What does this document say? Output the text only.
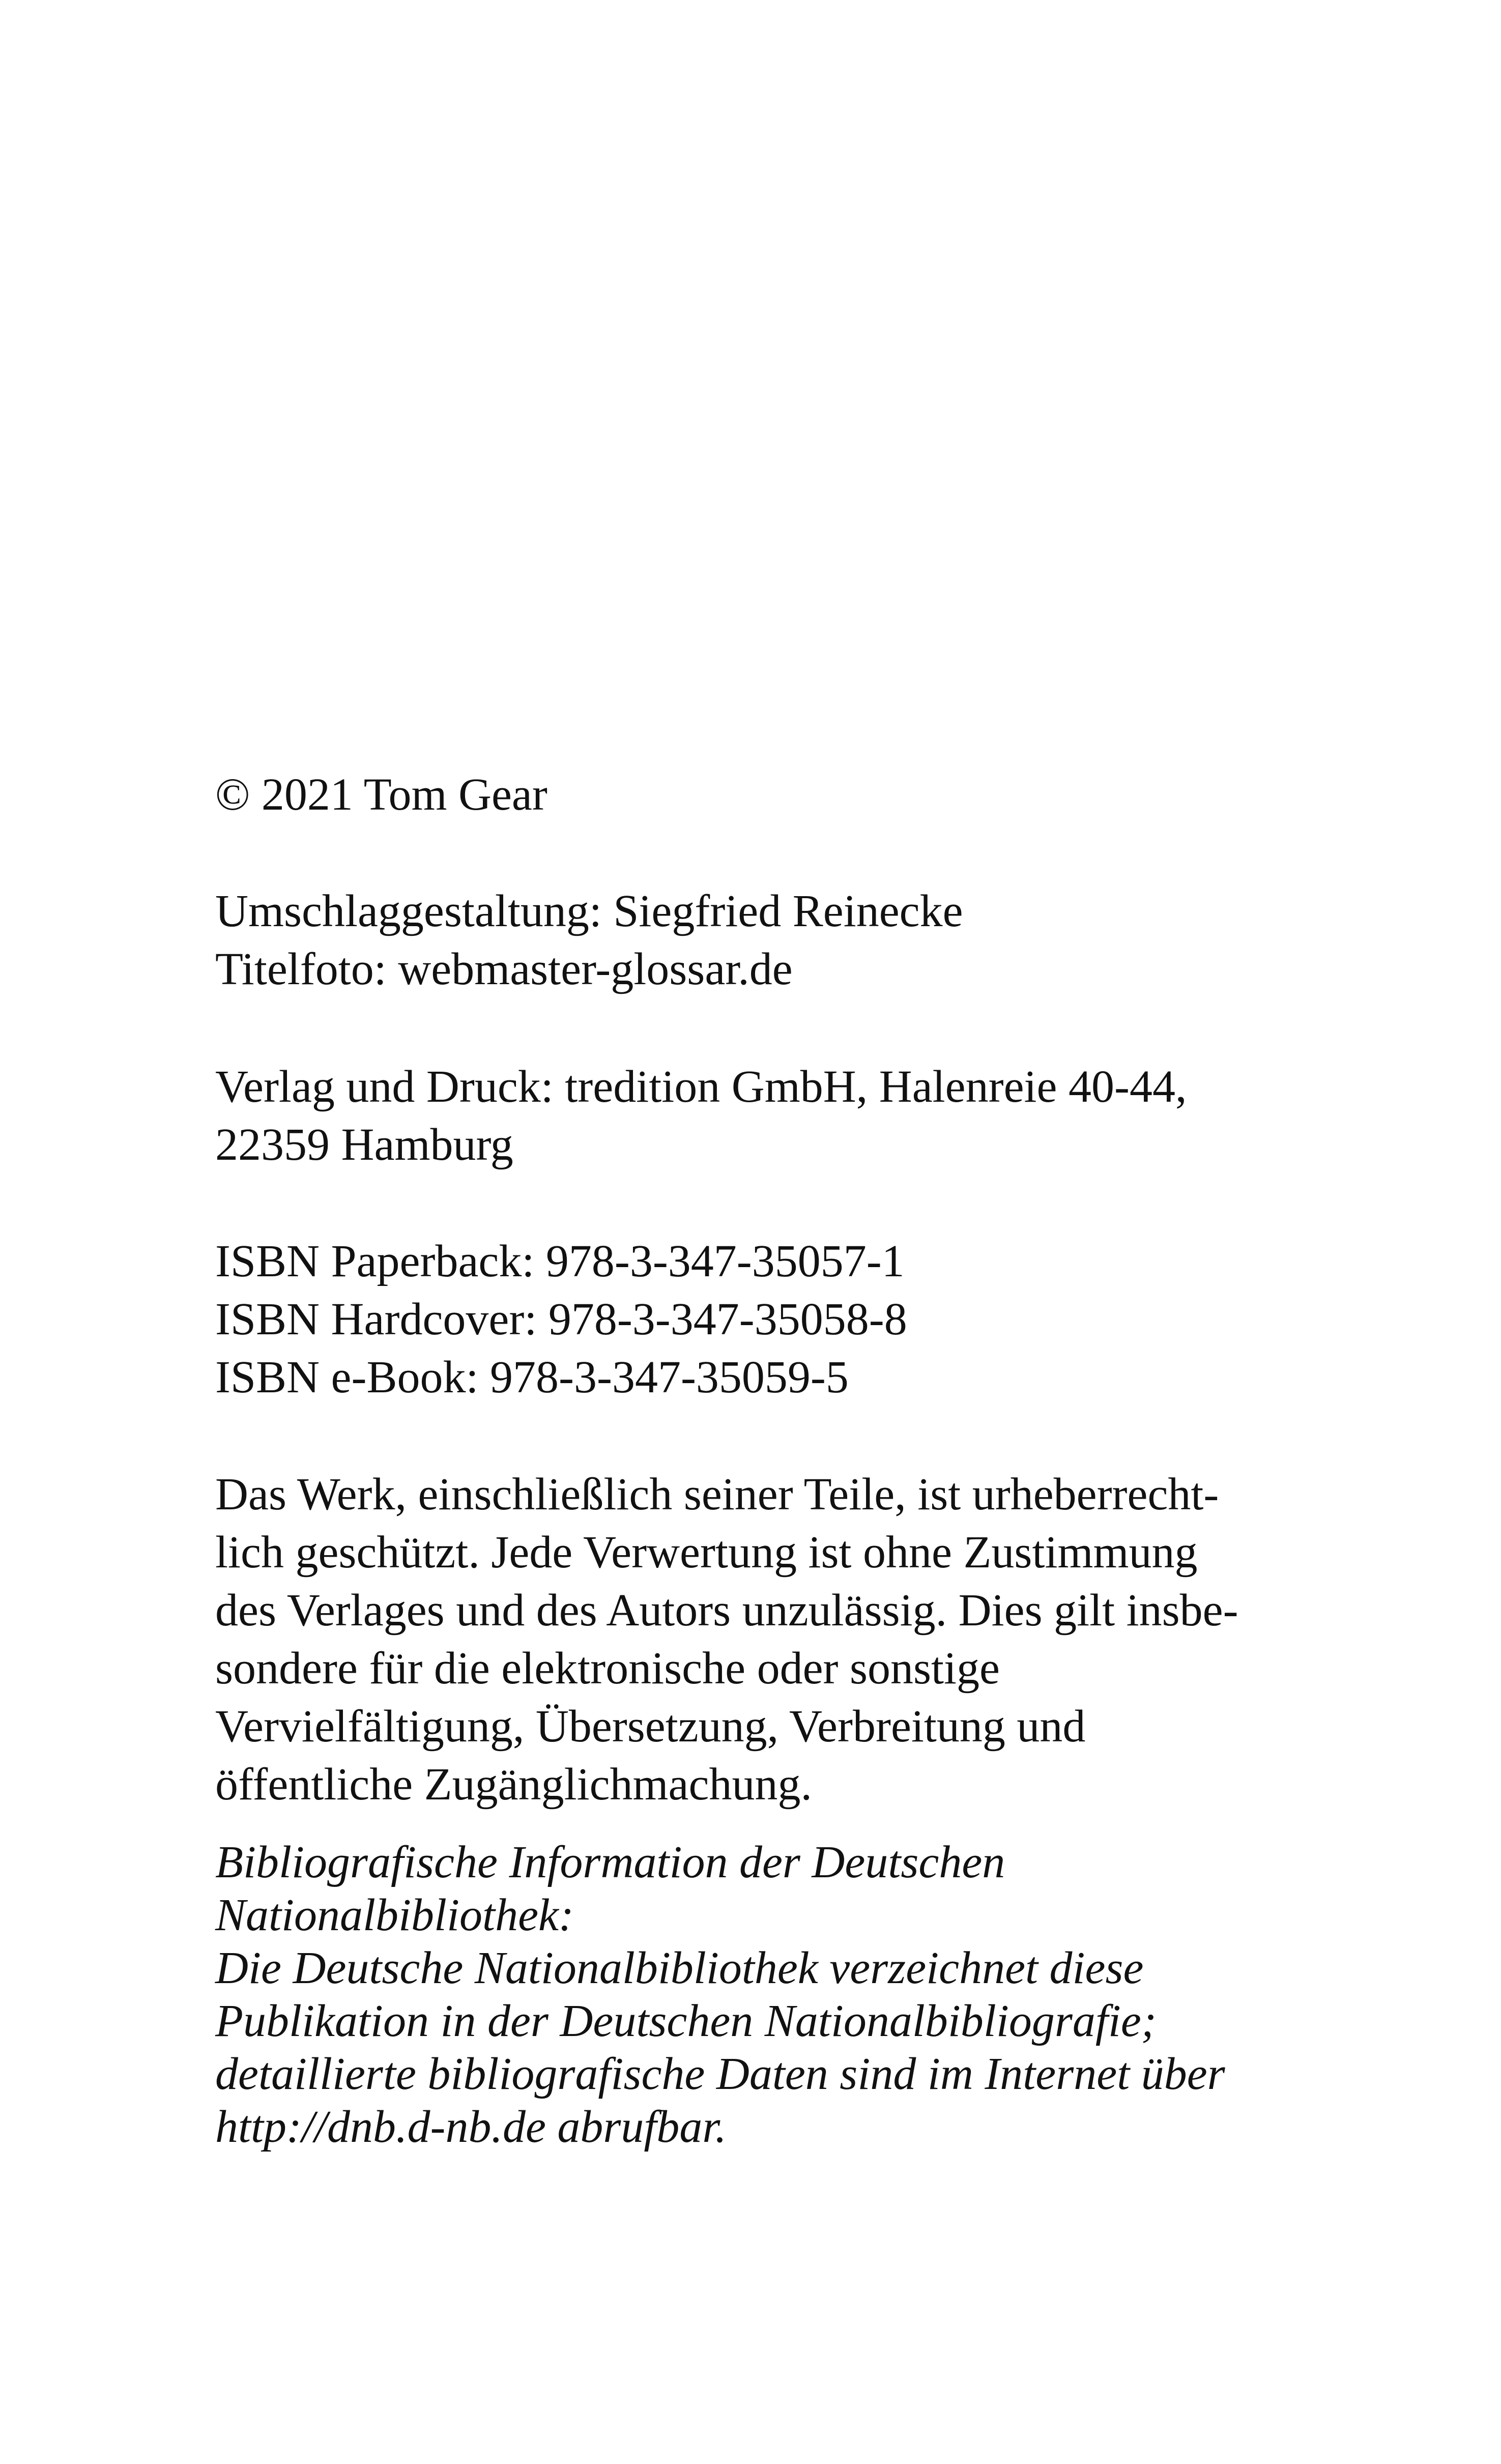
© 2021 Tom Gear

Umschlaggestaltung: Siegfried Reinecke
Titelfoto: webmaster-glossar.de

Verlag und Druck: tredition GmbH, Halenreie 40-44,
22359 Hamburg

ISBN Paperback: 978-3-347-35057-1
ISBN Hardcover: 978-3-347-35058-8
ISBN e-Book: 978-3-347-35059-5

Das Werk, einschließlich seiner Teile, ist urheberrecht-
lich geschützt. Jede Verwertung ist ohne Zustimmung
des Verlages und des Autors unzulässig. Dies gilt insbe-
sondere für die elektronische oder sonstige
Vervielfältigung, Übersetzung, Verbreitung und
öffentliche Zugänglichmachung.

Bibliografische Information der Deutschen
Nationalbibliothek:
Die Deutsche Nationalbibliothek verzeichnet diese
Publikation in der Deutschen Nationalbibliografie;
detaillierte bibliografische Daten sind im Internet über
http://dnb.d-nb.de abrufbar.
